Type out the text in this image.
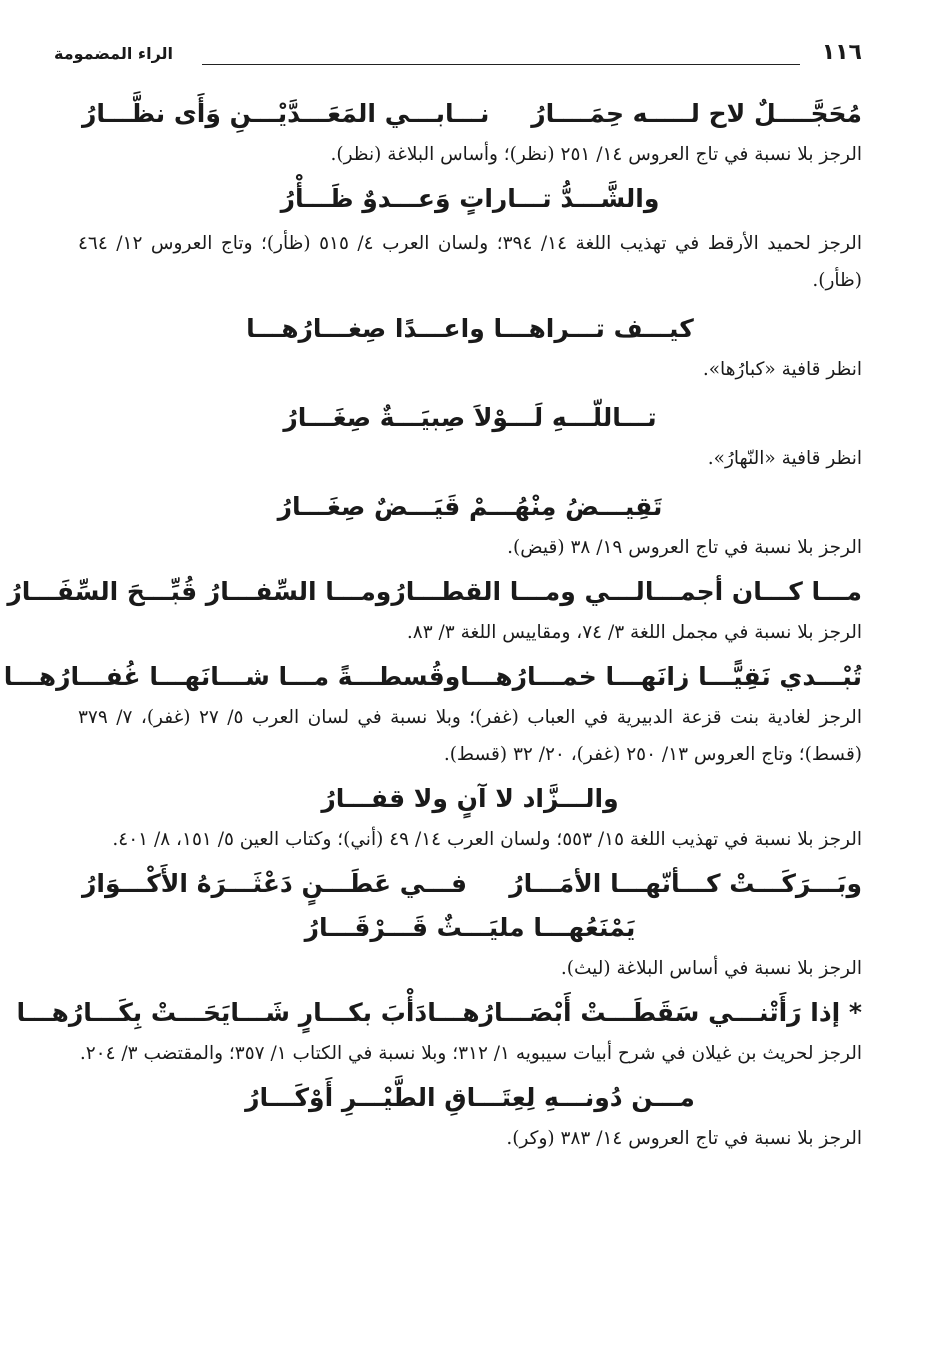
١١٦
الراء المضمومة
مُحَجَّــــلٌ لاح لـــــه حِمَــــارُ
نـــابـــي المَعَـــدَّيْـــنِ وَأَى نظَّـــارُ
الرجز بلا نسبة في تاج العروس ١٤/ ٢٥١ (نظر)؛ وأساس البلاغة (نظر).
والشَّـــدُّ تـــاراتٍ وَعـــدوٌ ظَـــأْرُ
الرجز لحميد الأرقط في تهذيب اللغة ١٤/ ٣٩٤؛ ولسان العرب ٤/ ٥١٥ (ظأر)؛ وتاج العروس ١٢/ ٤٦٤ (ظأر).
كيـــف تـــراهـــا واعـــدًا صِغـــارُهـــا
انظر قافية «كبارُها».
تـــاللّـــهِ لَـــوْلاَ صِبيَـــةٌ صِغَـــارُ
انظر قافية «النّهارُ».
تَقِيـــضُ مِنْهُـــمْ قَيَـــضٌ صِغَـــارُ
الرجز بلا نسبة في تاج العروس ١٩/ ٣٨ (قيض).
مـــا كـــان أجمـــالـــي ومـــا القطـــارُ
ومـــا السِّفـــارُ قُبِّـــحَ السِّفَـــارُ
الرجز بلا نسبة في مجمل اللغة ٣/ ٧٤، ومقاييس اللغة ٣/ ٨٣.
تُبْـــدي نَقِيًّـــا زانَهـــا خمـــارُهـــا
وقُسطـــةً مـــا شـــانَهـــا غُفـــارُهـــا
الرجز لغادية بنت قزعة الدبيرية في العباب (غفر)؛ وبلا نسبة في لسان العرب ٥/ ٢٧ (غفر)، ٧/ ٣٧٩ (قسط)؛ وتاج العروس ١٣/ ٢٥٠ (غفر)، ٢٠/ ٣٢ (قسط).
والـــزَّاد لا آنٍ ولا قفـــارُ
الرجز بلا نسبة في تهذيب اللغة ١٥/ ٥٥٣؛ ولسان العرب ١٤/ ٤٩ (أني)؛ وكتاب العين ٥/ ١٥١، ٨/ ٤٠١.
وبَـــرَكَـــتْ كـــأنّهـــا الأمَـــارُ
فـــي عَطَـــنٍ دَعْثَـــرَهُ الأَكْـــوَارُ
يَمْنَعُهـــا مليَـــثٌ قَـــرْقَـــارُ
الرجز بلا نسبة في أساس البلاغة (ليث).
* إذا رَأَتْنـــي سَقَطَـــتْ أَبْصَـــارُهـــا
دَأْبَ بكـــارٍ شَـــايَحَـــتْ بِكَـــارُهـــا
الرجز لحريث بن غيلان في شرح أبيات سيبويه ١/ ٣١٢؛ وبلا نسبة في الكتاب ١/ ٣٥٧؛ والمقتضب ٣/ ٢٠٤.
مـــن دُونـــهِ لِعِتَـــاقِ الطَّيْـــرِ أَوْكَـــارُ
الرجز بلا نسبة في تاج العروس ١٤/ ٣٨٣ (وكر).
